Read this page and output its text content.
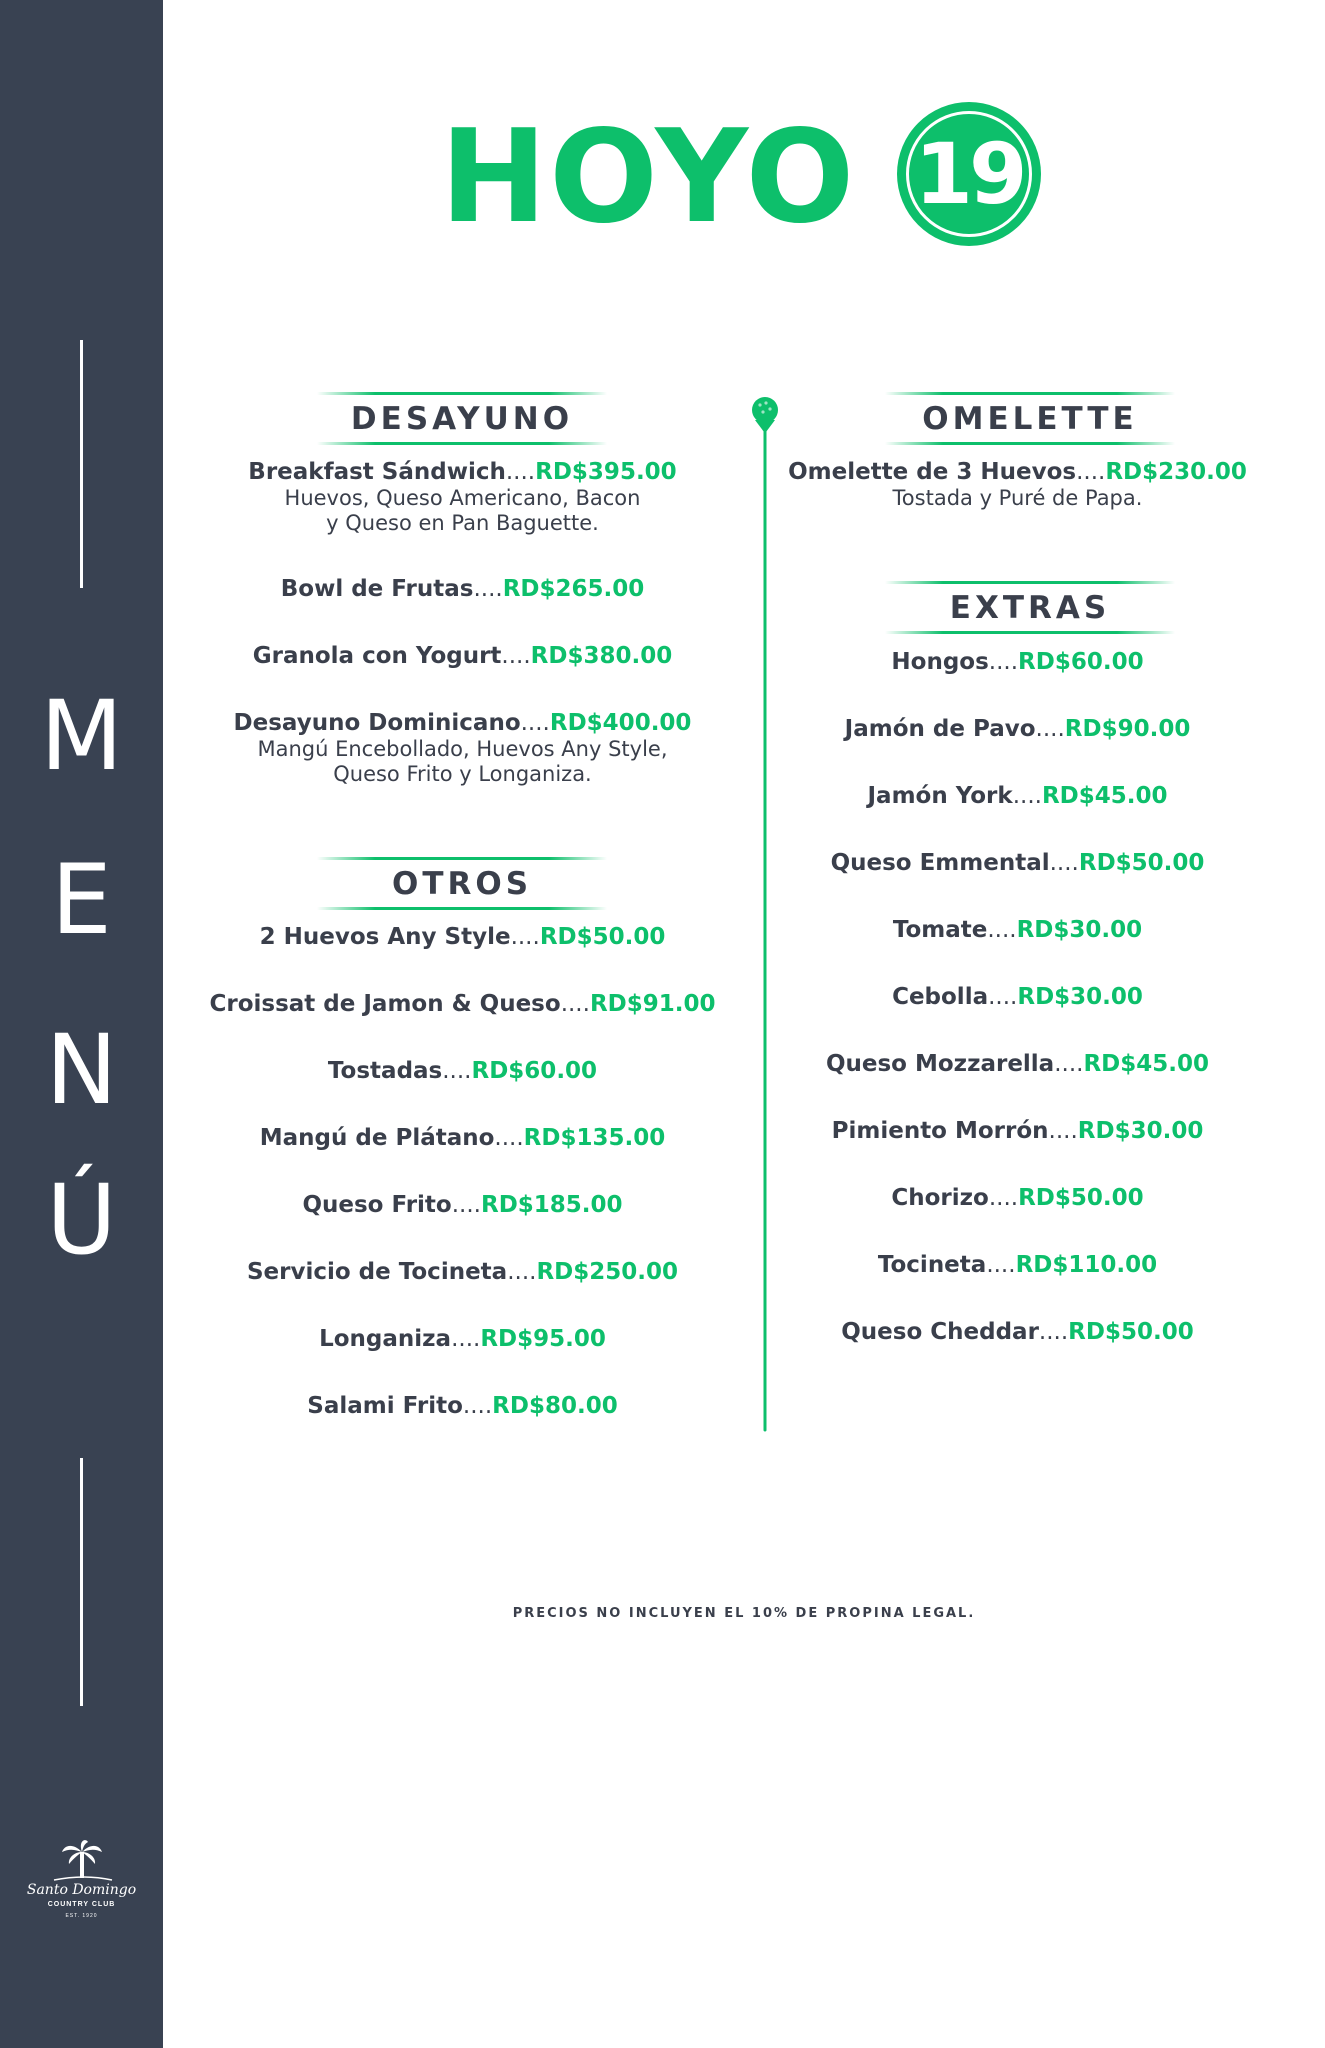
M
E
N
Ú
Santo Domingo
COUNTRY CLUB
EST. 1920
HOYO 19
DESAYUNO
Breakfast Sándwich....RD$395.00
Huevos, Queso Americano, Bacon
y Queso en Pan Baguette.
Bowl de Frutas....RD$265.00
Granola con Yogurt....RD$380.00
Desayuno Dominicano....RD$400.00
Mangú Encebollado, Huevos Any Style,
Queso Frito y Longaniza.
OTROS
2 Huevos Any Style....RD$50.00
Croissat de Jamon & Queso....RD$91.00
Tostadas....RD$60.00
Mangú de Plátano....RD$135.00
Queso Frito....RD$185.00
Servicio de Tocineta....RD$250.00
Longaniza....RD$95.00
Salami Frito....RD$80.00
OMELETTE
Omelette de 3 Huevos....RD$230.00
Tostada y Puré de Papa.
EXTRAS
Hongos....RD$60.00
Jamón de Pavo....RD$90.00
Jamón York....RD$45.00
Queso Emmental....RD$50.00
Tomate....RD$30.00
Cebolla....RD$30.00
Queso Mozzarella....RD$45.00
Pimiento Morrón....RD$30.00
Chorizo....RD$50.00
Tocineta....RD$110.00
Queso Cheddar....RD$50.00
PRECIOS NO INCLUYEN EL 10% DE PROPINA LEGAL.
